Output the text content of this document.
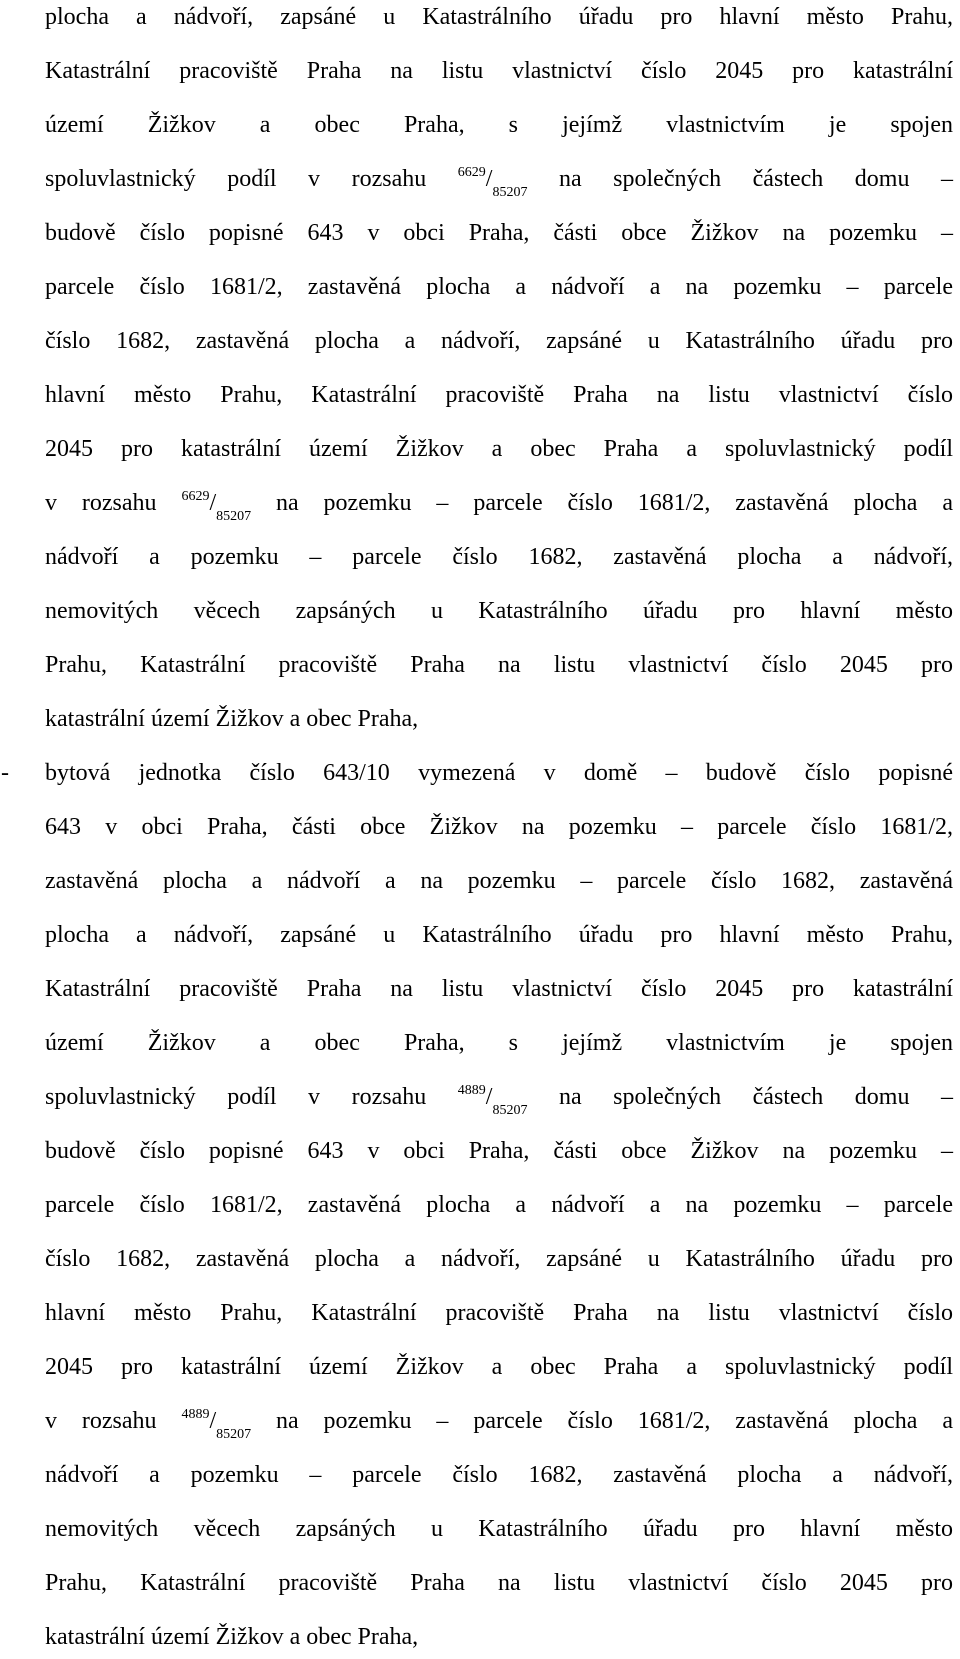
plocha a nádvoří, zapsáné u Katastrálního úřadu pro hlavní město Prahu,
Katastrální pracoviště Praha na listu vlastnictví číslo 2045 pro katastrální
území Žižkov a obec Praha, s jejímž vlastnictvím je spojen
spoluvlastnický podíl v rozsahu $^{6629}/_{85207}$ na společných částech domu –
budově číslo popisné 643 v obci Praha, části obce Žižkov na pozemku –
parcele číslo 1681/2, zastavěná plocha a nádvoří a na pozemku – parcele
číslo 1682, zastavěná plocha a nádvoří, zapsáné u Katastrálního úřadu pro
hlavní město Prahu, Katastrální pracoviště Praha na listu vlastnictví číslo
2045 pro katastrální území Žižkov a obec Praha a spoluvlastnický podíl
v rozsahu $^{6629}/_{85207}$ na pozemku – parcele číslo 1681/2, zastavěná plocha a
nádvoří a pozemku – parcele číslo 1682, zastavěná plocha a nádvoří,
nemovitých věcech zapsáných u Katastrálního úřadu pro hlavní město
Prahu, Katastrální pracoviště Praha na listu vlastnictví číslo 2045 pro
katastrální území Žižkov a obec Praha,
- bytová jednotka číslo 643/10 vymezená v domě – budově číslo popisné
643 v obci Praha, části obce Žižkov na pozemku – parcele číslo 1681/2,
zastavěná plocha a nádvoří a na pozemku – parcele číslo 1682, zastavěná
plocha a nádvoří, zapsáné u Katastrálního úřadu pro hlavní město Prahu,
Katastrální pracoviště Praha na listu vlastnictví číslo 2045 pro katastrální
území Žižkov a obec Praha, s jejímž vlastnictvím je spojen
spoluvlastnický podíl v rozsahu $^{4889}/_{85207}$ na společných částech domu –
budově číslo popisné 643 v obci Praha, části obce Žižkov na pozemku –
parcele číslo 1681/2, zastavěná plocha a nádvoří a na pozemku – parcele
číslo 1682, zastavěná plocha a nádvoří, zapsáné u Katastrálního úřadu pro
hlavní město Prahu, Katastrální pracoviště Praha na listu vlastnictví číslo
2045 pro katastrální území Žižkov a obec Praha a spoluvlastnický podíl
v rozsahu $^{4889}/_{85207}$ na pozemku – parcele číslo 1681/2, zastavěná plocha a
nádvoří a pozemku – parcele číslo 1682, zastavěná plocha a nádvoří,
nemovitých věcech zapsáných u Katastrálního úřadu pro hlavní město
Prahu, Katastrální pracoviště Praha na listu vlastnictví číslo 2045 pro
katastrální území Žižkov a obec Praha,
